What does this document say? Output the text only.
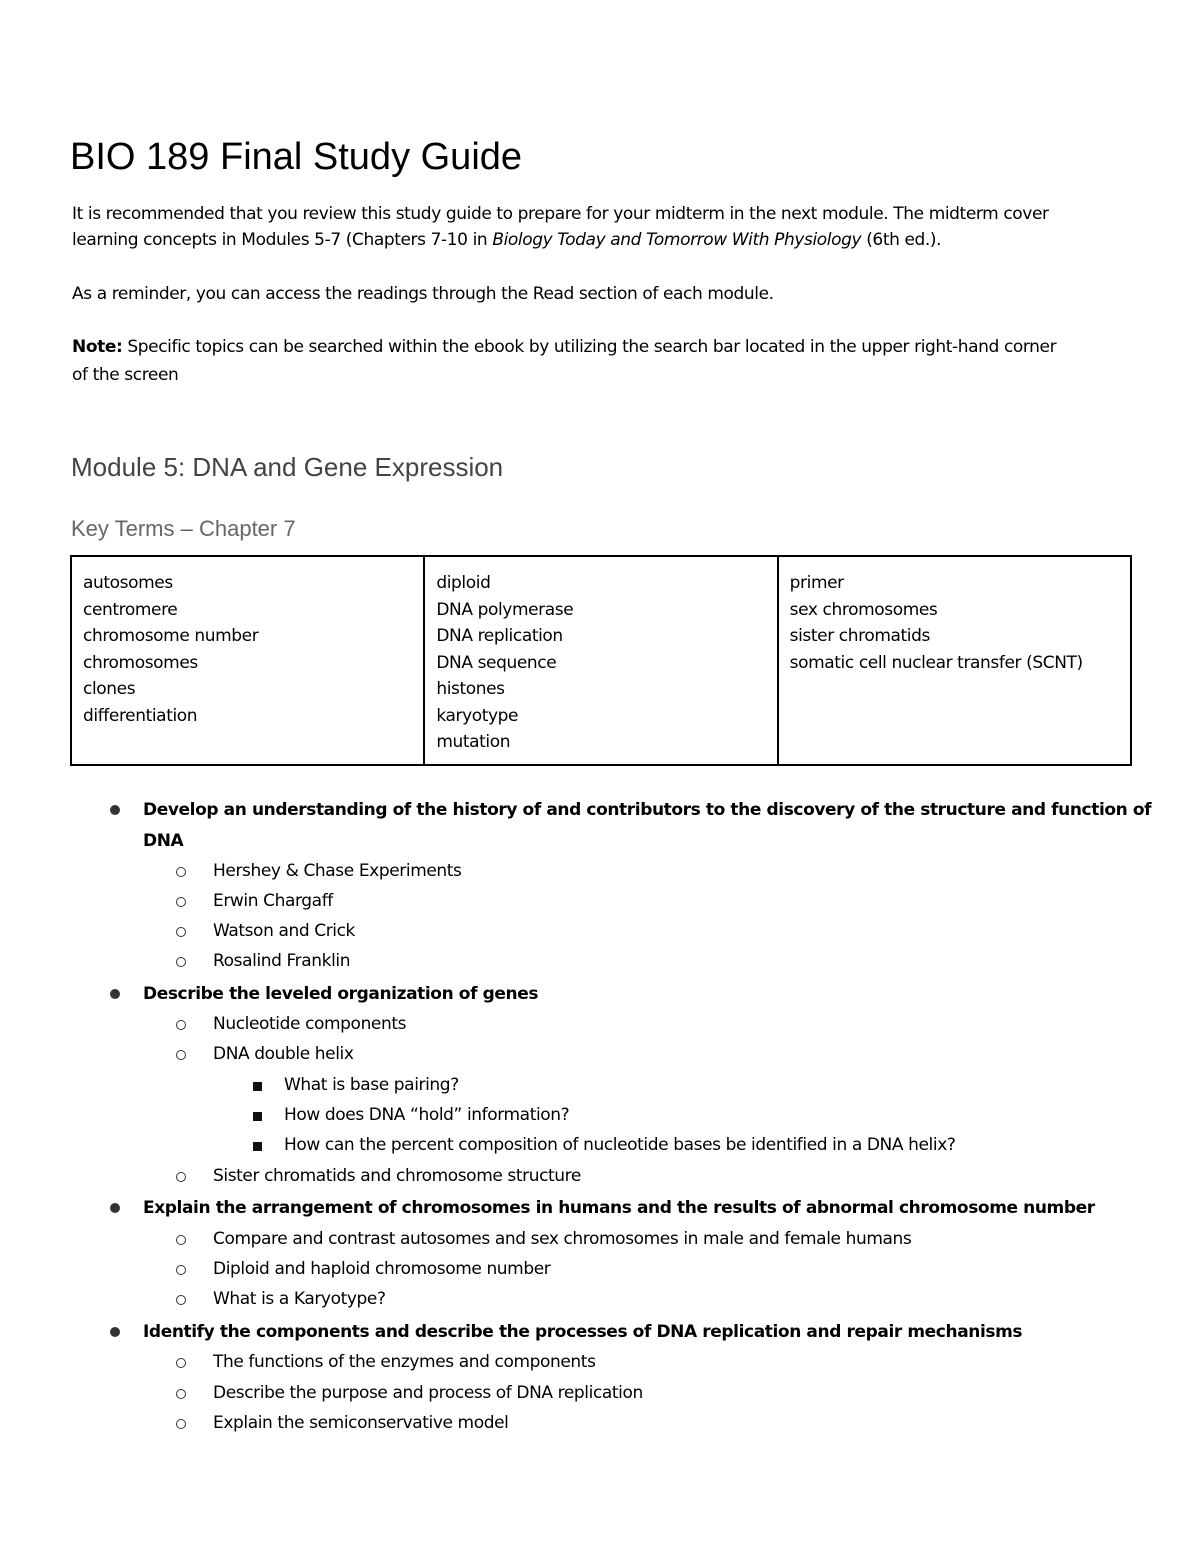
BIO 189 Final Study Guide

It is recommended that you review this study guide to prepare for your midterm in the next module. The midterm cover
learning concepts in Modules 5-7 (Chapters 7-10 in Biology Today and Tomorrow With Physiology (6th ed.).

As a reminder, you can access the readings through the Read section of each module.

Note: Specific topics can be searched within the ebook by utilizing the search bar located in the upper right-hand corner
of the screen

Module 5: DNA and Gene Expression
Key Terms – Chapter 7
autosomes
centromere
chromosome number
chromosomes
clones
differentiation

diploid
DNA polymerase
DNA replication
DNA sequence
histones
karyotype
mutation

primer
sex chromosomes
sister chromatids
somatic cell nuclear transfer (SCNT)
Develop an understanding of the history of and contributors to the discovery of the structure and function of
DNA
Hershey & Chase Experiments
Erwin Chargaff
Watson and Crick
Rosalind Franklin
Describe the leveled organization of genes
Nucleotide components
DNA double helix
What is base pairing?
How does DNA “hold” information?
How can the percent composition of nucleotide bases be identified in a DNA helix?
Sister chromatids and chromosome structure
Explain the arrangement of chromosomes in humans and the results of abnormal chromosome number
Compare and contrast autosomes and sex chromosomes in male and female humans
Diploid and haploid chromosome number
What is a Karyotype?
Identify the components and describe the processes of DNA replication and repair mechanisms
The functions of the enzymes and components
Describe the purpose and process of DNA replication
Explain the semiconservative model
